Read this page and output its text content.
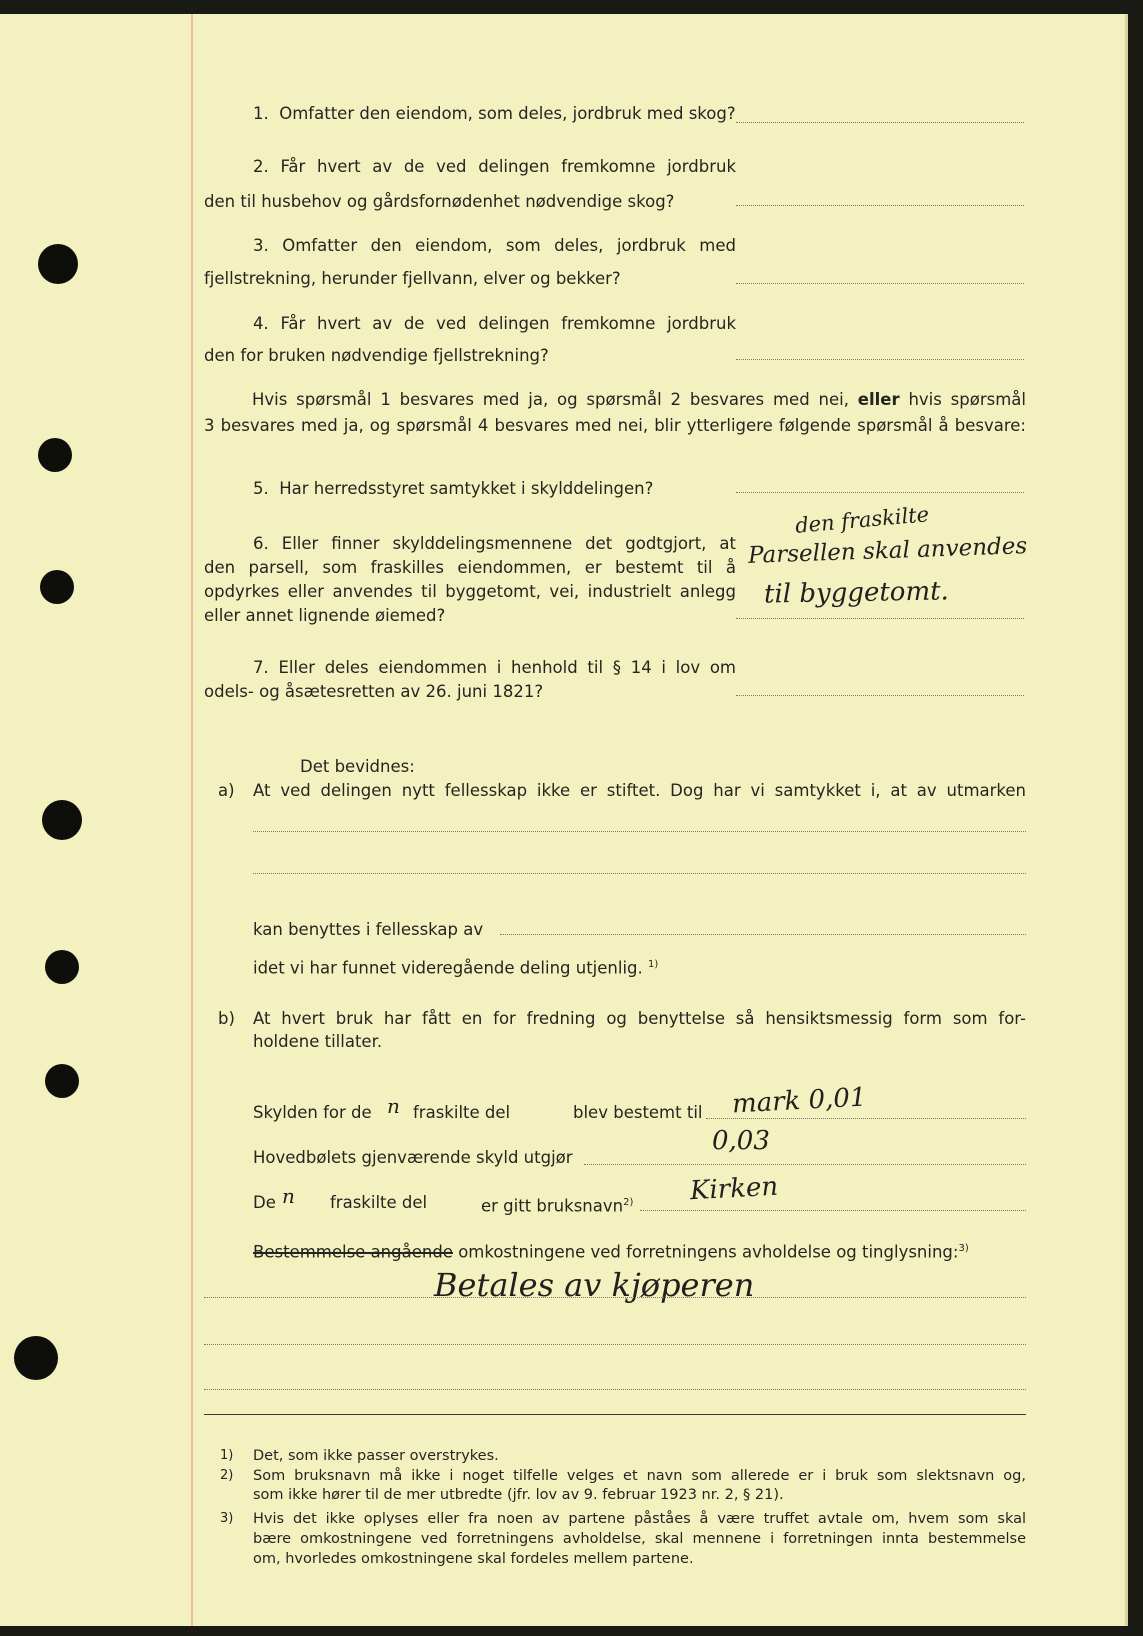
1. Omfatter den eiendom, som deles, jordbruk med skog?
2. Får hvert av de ved delingen fremkomne jordbruk
den til husbehov og gårdsfornødenhet nødvendige skog?
3. Omfatter den eiendom, som deles, jordbruk med
fjellstrekning, herunder fjellvann, elver og bekker?
4. Får hvert av de ved delingen fremkomne jordbruk
den for bruken nødvendige fjellstrekning?
Hvis spørsmål 1 besvares med ja, og spørsmål 2 besvares med nei, eller hvis spørsmål
3 besvares med ja, og spørsmål 4 besvares med nei, blir ytterligere følgende spørsmål å besvare:
5. Har herredsstyret samtykket i skylddelingen?
6. Eller finner skylddelingsmennene det godtgjort, at
den parsell, som fraskilles eiendommen, er bestemt til å
opdyrkes eller anvendes til byggetomt, vei, industrielt anlegg
eller annet lignende øiemed?
den fraskilte
Parsellen skal anvendes
til byggetomt.
7. Eller deles eiendommen i henhold til § 14 i lov om
odels- og åsætesretten av 26. juni 1821?
Det bevidnes:
a) At ved delingen nytt fellesskap ikke er stiftet. Dog har vi samtykket i, at av utmarken
kan benyttes i fellesskap av
idet vi har funnet videregående deling utjenlig. $^{1)}$
b) At hvert bruk har fått en for fredning og benyttelse så hensiktsmessig form som for-
holdene tillater.
Skylden for de n fraskilte del	blev bestemt til mark 0,01
Hovedbølets gjenværende skyld utgjør
0,03
De n fraskilte del	er gitt bruksnavn$^{2)}$ Kirken
Bestemmelse angående omkostningene ved forretningens avholdelse og tinglysning:$^{3)}$
Betales av kjøperen
1) Det, som ikke passer overstrykes.
2) Som bruksnavn må ikke i noget tilfelle velges et navn som allerede er i bruk som slektsnavn og,
som ikke hører til de mer utbredte (jfr. lov av 9. februar 1923 nr. 2, § 21).
3) Hvis det ikke oplyses eller fra noen av partene påståes å være truffet avtale om, hvem som skal
bære omkostningene ved forretningens avholdelse, skal mennene i forretningen innta bestemmelse
om, hvorledes omkostningene skal fordeles mellem partene.
